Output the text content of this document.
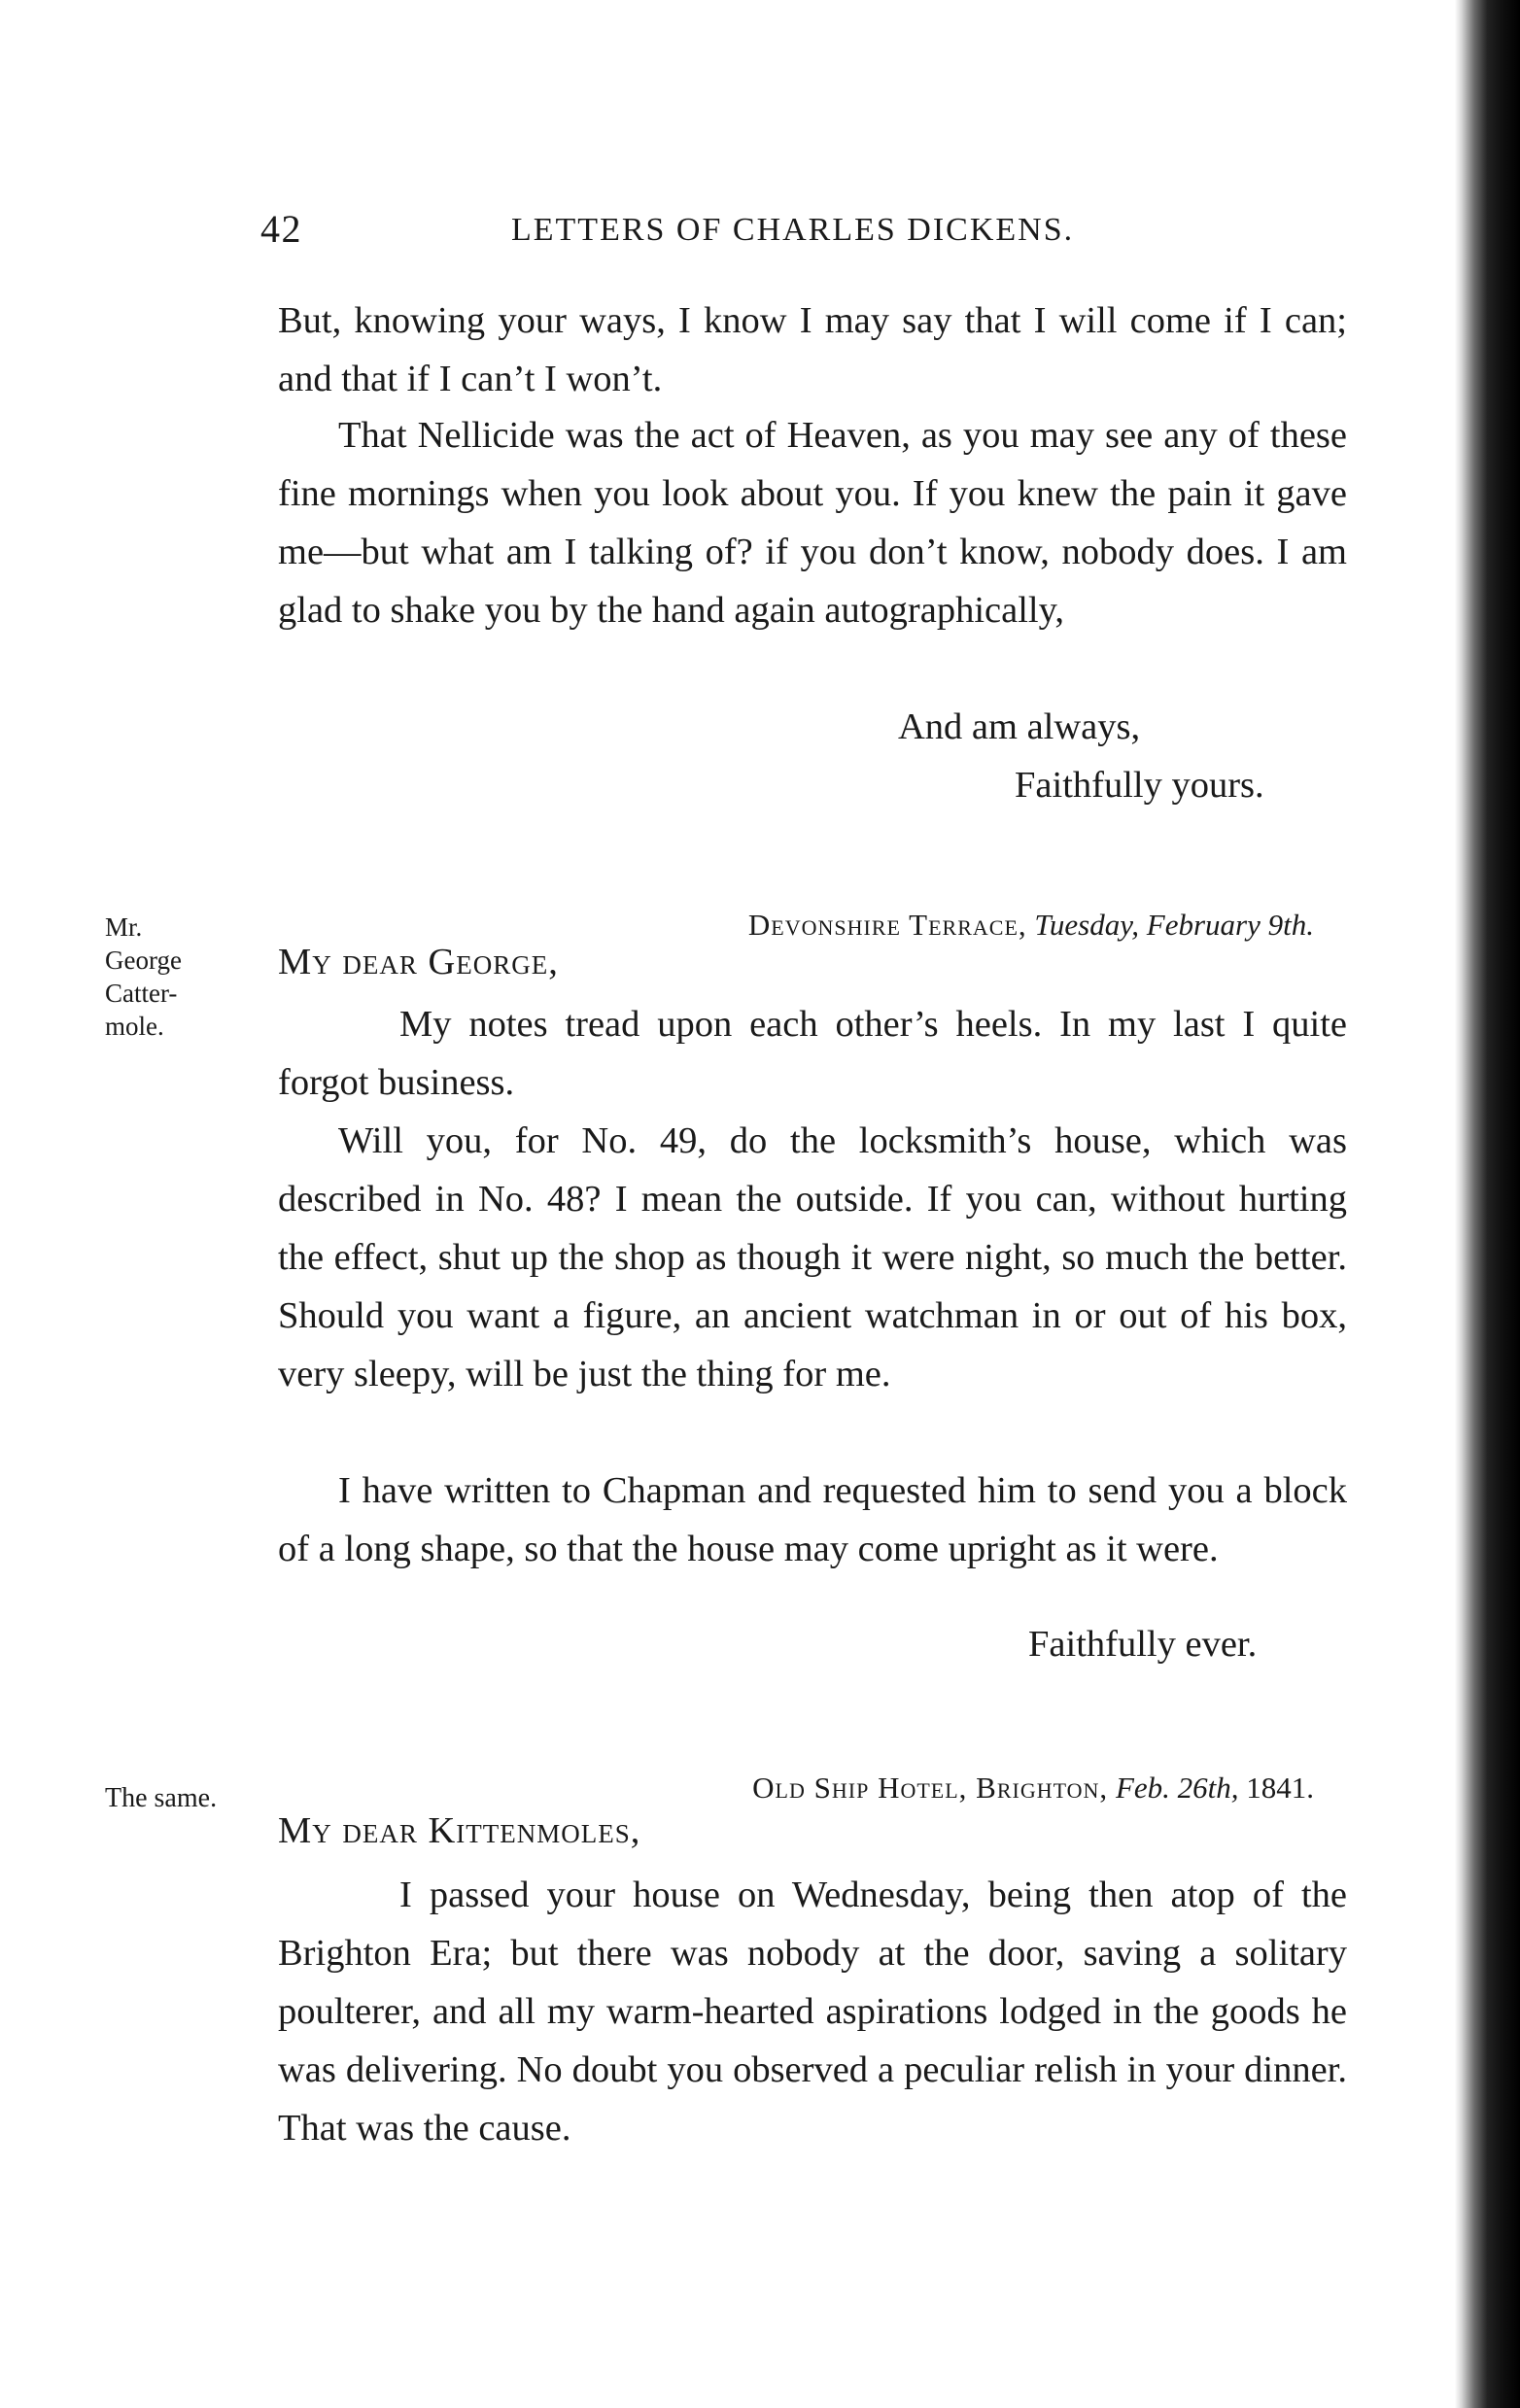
42	LETTERS OF CHARLES DICKENS.

But, knowing your ways, I know I may say that I will come if I can; and that if I can’t I won’t.

That Nellicide was the act of Heaven, as you may see any of these fine mornings when you look about you. If you knew the pain it gave me—but what am I talking of? if you don’t know, nobody does. I am glad to shake you by the hand again autographically,

And am always,
Faithfully yours.
Mr.
George
Catter-
mole.
Devonshire Terrace, Tuesday, February 9th.
My dear George,

My notes tread upon each other’s heels. In my last I quite forgot business.

Will you, for No. 49, do the locksmith’s house, which was described in No. 48? I mean the outside. If you can, without hurting the effect, shut up the shop as though it were night, so much the better. Should you want a figure, an ancient watchman in or out of his box, very sleepy, will be just the thing for me.

I have written to Chapman and requested him to send you a block of a long shape, so that the house may come upright as it were.

Faithfully ever.
The same.	Old Ship Hotel, Brighton, Feb. 26th, 1841.
My dear Kittenmoles,

I passed your house on Wednesday, being then atop of the Brighton Era; but there was nobody at the door, saving a solitary poulterer, and all my warm-hearted aspirations lodged in the goods he was delivering. No doubt you observed a peculiar relish in your dinner. That was the cause.
